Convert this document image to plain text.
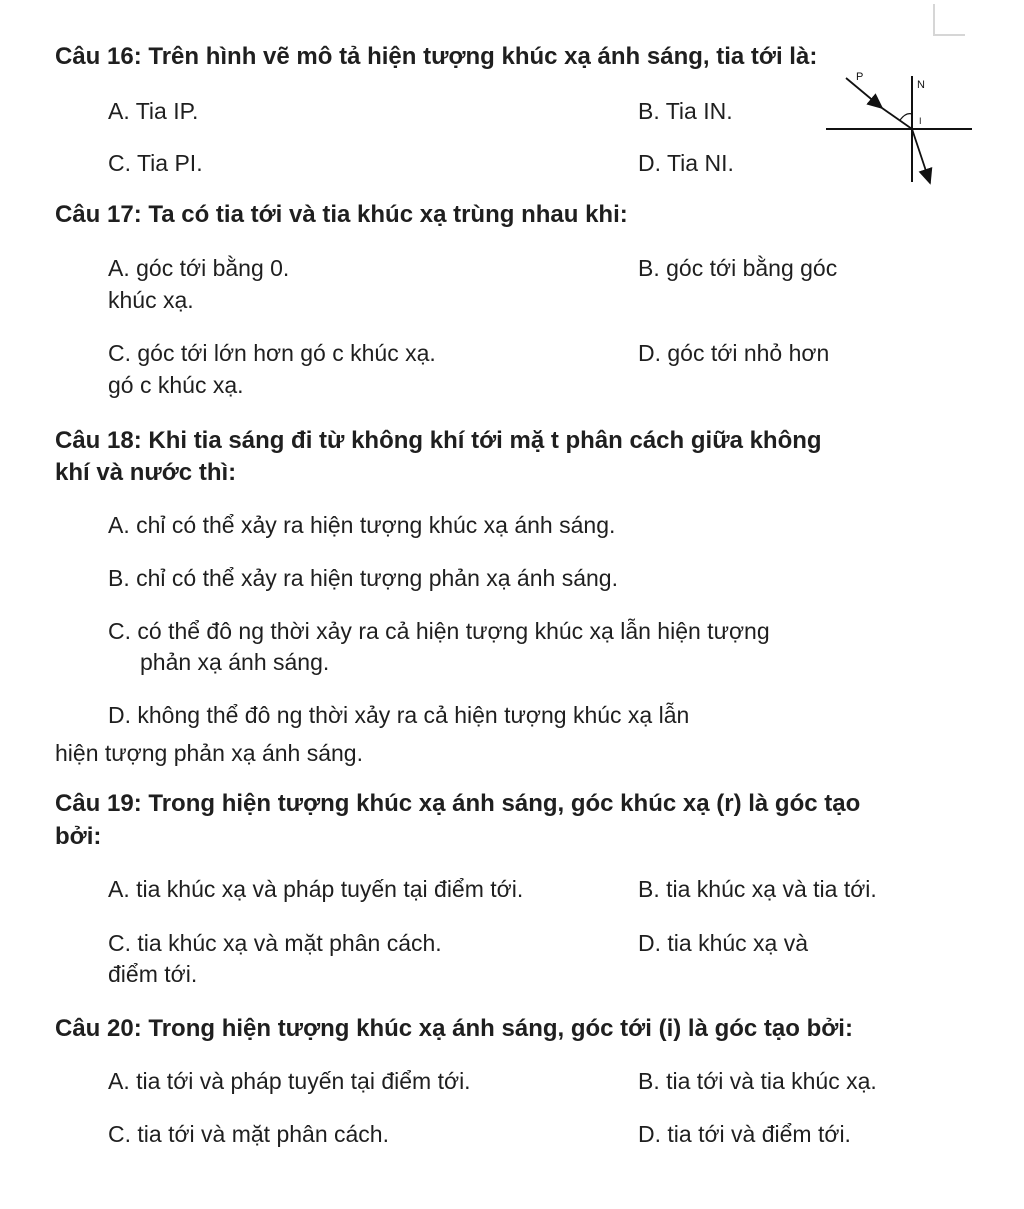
Câu 16: Trên hình vẽ mô tả hiện tượng khúc xạ ánh sáng, tia tới là:

A. Tia IP.	B. Tia IN.

C. Tia PI.	D. Tia NI.

P
N
I

Câu 17: Ta có tia tới và tia khúc xạ trùng nhau khi:

A. góc tới bằng 0.	B. góc tới bằng góc

khúc xạ.

C. góc tới lớn hơn gó c khúc xạ.	D. góc tới nhỏ hơn

gó c khúc xạ.

Câu 18: Khi tia sáng đi từ không khí tới mặ t phân cách giữa không

khí và nước thì:

A. chỉ có thể xảy ra hiện tượng khúc xạ ánh sáng.

B. chỉ có thể xảy ra hiện tượng phản xạ ánh sáng.

C. có thể đô ng thời xảy ra cả hiện tượng khúc xạ lẫn hiện tượng

phản xạ ánh sáng.

D. không thể đô ng thời xảy ra cả hiện tượng khúc xạ lẫn

hiện tượng phản xạ ánh sáng.

Câu 19: Trong hiện tượng khúc xạ ánh sáng, góc khúc xạ (r) là góc tạo

bởi:

A. tia khúc xạ và pháp tuyến tại điểm tới.	B. tia khúc xạ và tia tới.

C. tia khúc xạ và mặt phân cách.	D. tia khúc xạ và

điểm tới.

Câu 20: Trong hiện tượng khúc xạ ánh sáng, góc tới (i) là góc tạo bởi:

A. tia tới và pháp tuyến tại điểm tới.	B. tia tới và tia khúc xạ.

C. tia tới và mặt phân cách.	D. tia tới và điểm tới.
